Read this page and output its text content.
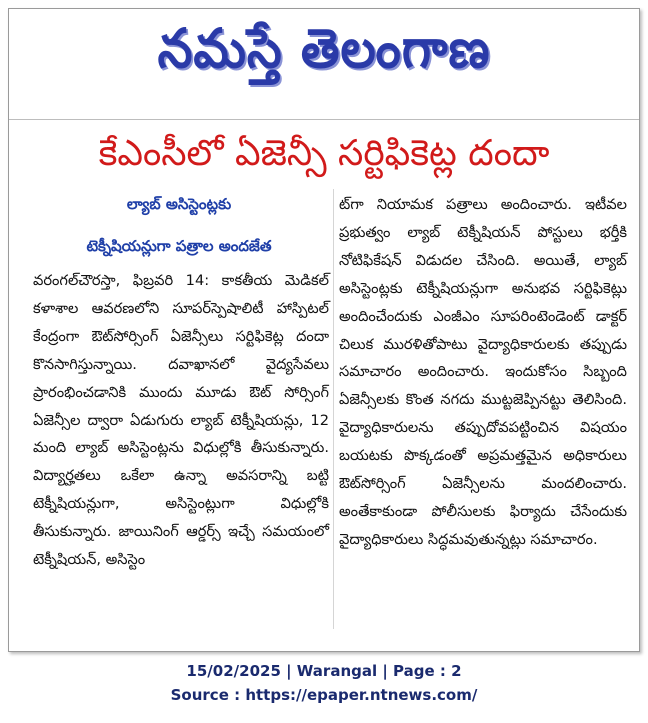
నమస్తే తెలంగాణ
కేఎంసీలో ఏజెన్సీ సర్టిఫికెట్ల దందా
ల్యాబ్ అసిస్టెంట్లకు
టెక్నీషియన్లుగా పత్రాల అందజేత

వరంగల్‌చౌరస్తా, ఫిబ్రవరి 14: కాకతీయ మెడికల్ కళాశాల ఆవరణలోని సూపర్‌స్పెషాలిటీ హాస్పిటల్ కేంద్రంగా ఔట్‌సోర్సింగ్ ఏజెన్సీలు సర్టిఫికెట్ల దందా కొనసాగిస్తున్నాయి. దవాఖానలో వైద్యసేవలు ప్రారంభించడానికి ముందు మూడు ఔట్ సోర్సింగ్ ఏజెన్సీల ద్వారా ఏడుగురు ల్యాబ్ టెక్నీషియన్లు, 12 మంది ల్యాబ్ అసిస్టెంట్లను విధుల్లోకి తీసుకున్నారు. విద్యార్హతలు ఒకేలా ఉన్నా అవసరాన్ని బట్టి టెక్నీషియన్లుగా, అసిస్టెంట్లుగా విధుల్లోకి తీసుకున్నారు. జాయినింగ్ ఆర్డర్స్ ఇచ్చే సమయంలో టెక్నీషియన్, అసిస్టెం

ట్‌గా నియామక పత్రాలు అందించారు. ఇటీవల ప్రభుత్వం ల్యాబ్ టెక్నీషియన్ పోస్టులు భర్తీకి నోటిఫికేషన్ విడుదల చేసింది. అయితే, ల్యాబ్ అసిస్టెంట్లకు టెక్నీషియన్లుగా అనుభవ సర్టిఫికెట్లు అందించేందుకు ఎంజీఎం సూపరింటెండెంట్ డాక్టర్ చిలుక మురళితోపాటు వైద్యాధికారులకు తప్పుడు సమాచారం అందించారు. ఇందుకోసం సిబ్బంది ఏజెన్సీలకు కొంత నగదు ముట్టజెప్పినట్టు తెలిసింది. వైద్యాధికారులను తప్పుదోవపట్టించిన విషయం బయటకు పొక్కడంతో అప్రమత్తమైన అధికారులు ఔట్‌సోర్సింగ్ ఏజెన్సీలను మందలించారు. అంతేకాకుండా పోలీసులకు ఫిర్యాదు చేసేందుకు వైద్యాధికారులు సిద్ధమవుతున్నట్లు సమాచారం.

15/02/2025 | Warangal | Page : 2
Source : https://epaper.ntnews.com/
